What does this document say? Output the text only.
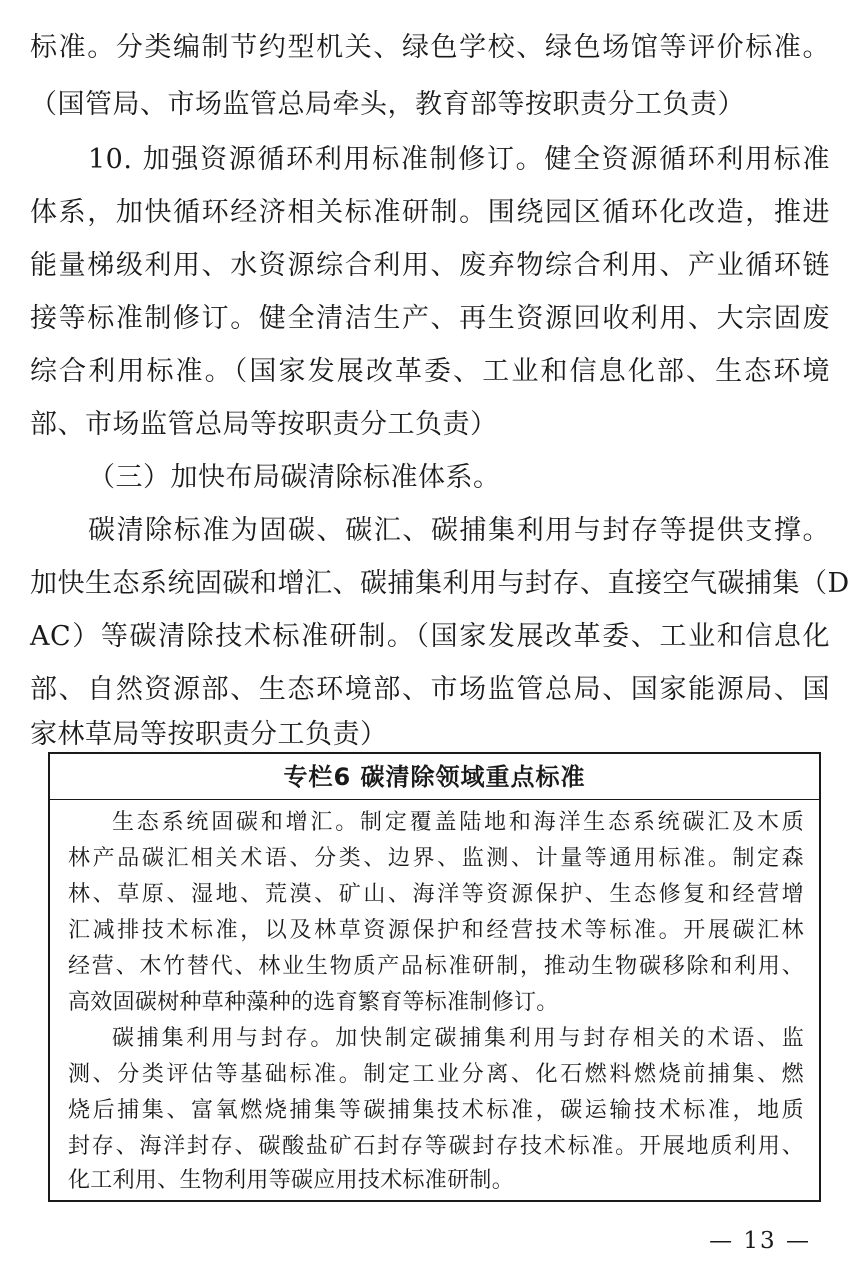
标准。分类编制节约型机关、绿色学校、绿色场馆等评价标准。
（国管局、市场监管总局牵头，教育部等按职责分工负责）
10. 加强资源循环利用标准制修订。健全资源循环利用标准
体系，加快循环经济相关标准研制。围绕园区循环化改造，推进
能量梯级利用、水资源综合利用、废弃物综合利用、产业循环链
接等标准制修订。健全清洁生产、再生资源回收利用、大宗固废
综合利用标准。（国家发展改革委、工业和信息化部、生态环境
部、市场监管总局等按职责分工负责）
（三）加快布局碳清除标准体系。
碳清除标准为固碳、碳汇、碳捕集利用与封存等提供支撑。
加快生态系统固碳和增汇、碳捕集利用与封存、直接空气碳捕集（D
AC）等碳清除技术标准研制。（国家发展改革委、工业和信息化
部、自然资源部、生态环境部、市场监管总局、国家能源局、国
家林草局等按职责分工负责）
专栏6 碳清除领域重点标准
生态系统固碳和增汇。制定覆盖陆地和海洋生态系统碳汇及木质
林产品碳汇相关术语、分类、边界、监测、计量等通用标准。制定森
林、草原、湿地、荒漠、矿山、海洋等资源保护、生态修复和经营增
汇减排技术标准，以及林草资源保护和经营技术等标准。开展碳汇林
经营、木竹替代、林业生物质产品标准研制，推动生物碳移除和利用、
高效固碳树种草种藻种的选育繁育等标准制修订。
碳捕集利用与封存。加快制定碳捕集利用与封存相关的术语、监
测、分类评估等基础标准。制定工业分离、化石燃料燃烧前捕集、燃
烧后捕集、富氧燃烧捕集等碳捕集技术标准，碳运输技术标准，地质
封存、海洋封存、碳酸盐矿石封存等碳封存技术标准。开展地质利用、
化工利用、生物利用等碳应用技术标准研制。
— 13 —
